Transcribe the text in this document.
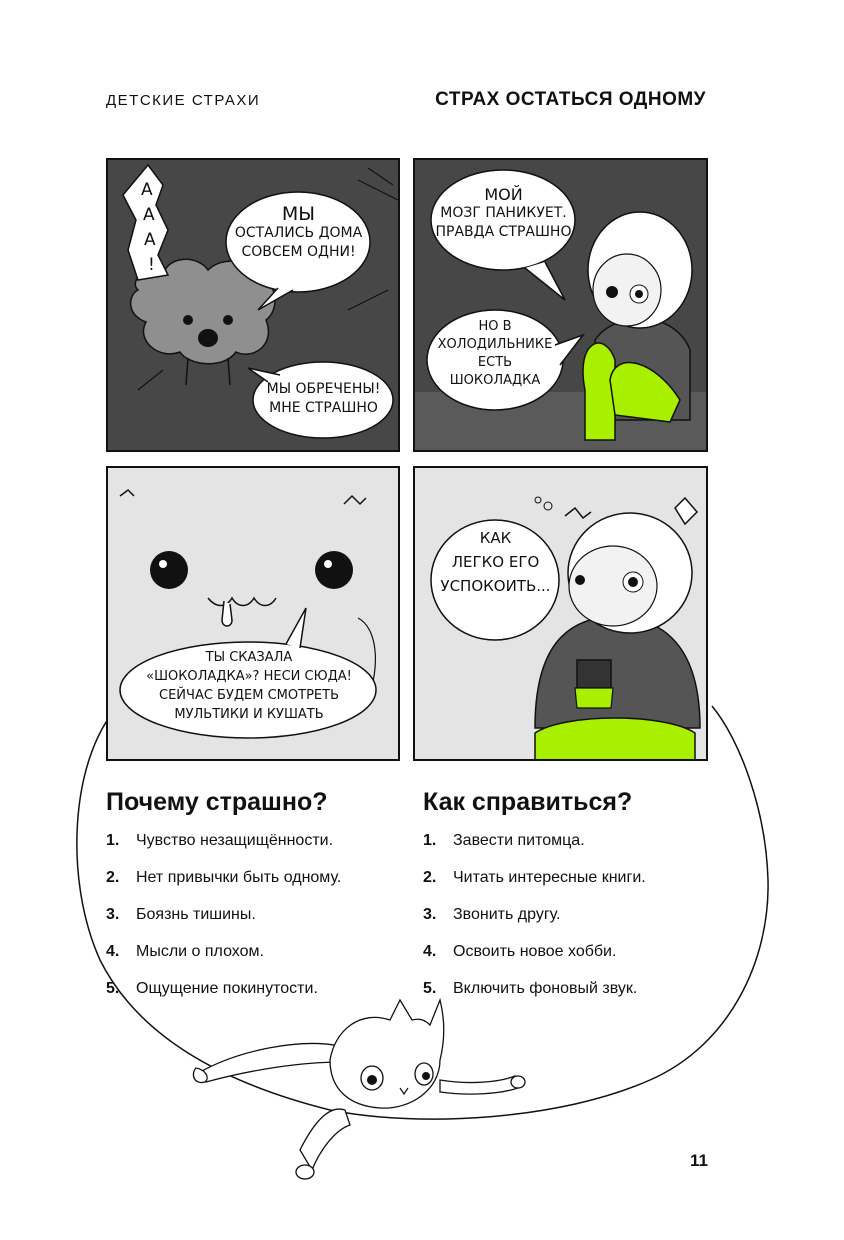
ДЕТСКИЕ СТРАХИ	СТРАХ ОСТАТЬСЯ ОДНОМУ
А
А
А
!
МЫ
ОСТАЛИСЬ ДОМА
СОВСЕМ ОДНИ!
МЫ ОБРЕЧЕНЫ!
МНЕ СТРАШНО
МОЙ
МОЗГ ПАНИКУЕТ.
ПРАВДА СТРАШНО
НО В
ХОЛОДИЛЬНИКЕ
ЕСТЬ
ШОКОЛАДКА
ТЫ СКАЗАЛА
«ШОКОЛАДКА»? НЕСИ СЮДА!
СЕЙЧАС БУДЕМ СМОТРЕТЬ
МУЛЬТИКИ И КУШАТЬ
КАК
ЛЕГКО ЕГО
УСПОКОИТЬ...
Почему страшно?
1.	Чувство незащищённости.
2.	Нет привычки быть одному.
3.	Боязнь тишины.
4.	Мысли о плохом.
5.	Ощущение покинутости.
Как справиться?
1.	Завести питомца.
2.	Читать интересные книги.
3.	Звонить другу.
4.	Освоить новое хобби.
5.	Включить фоновый звук.
11
